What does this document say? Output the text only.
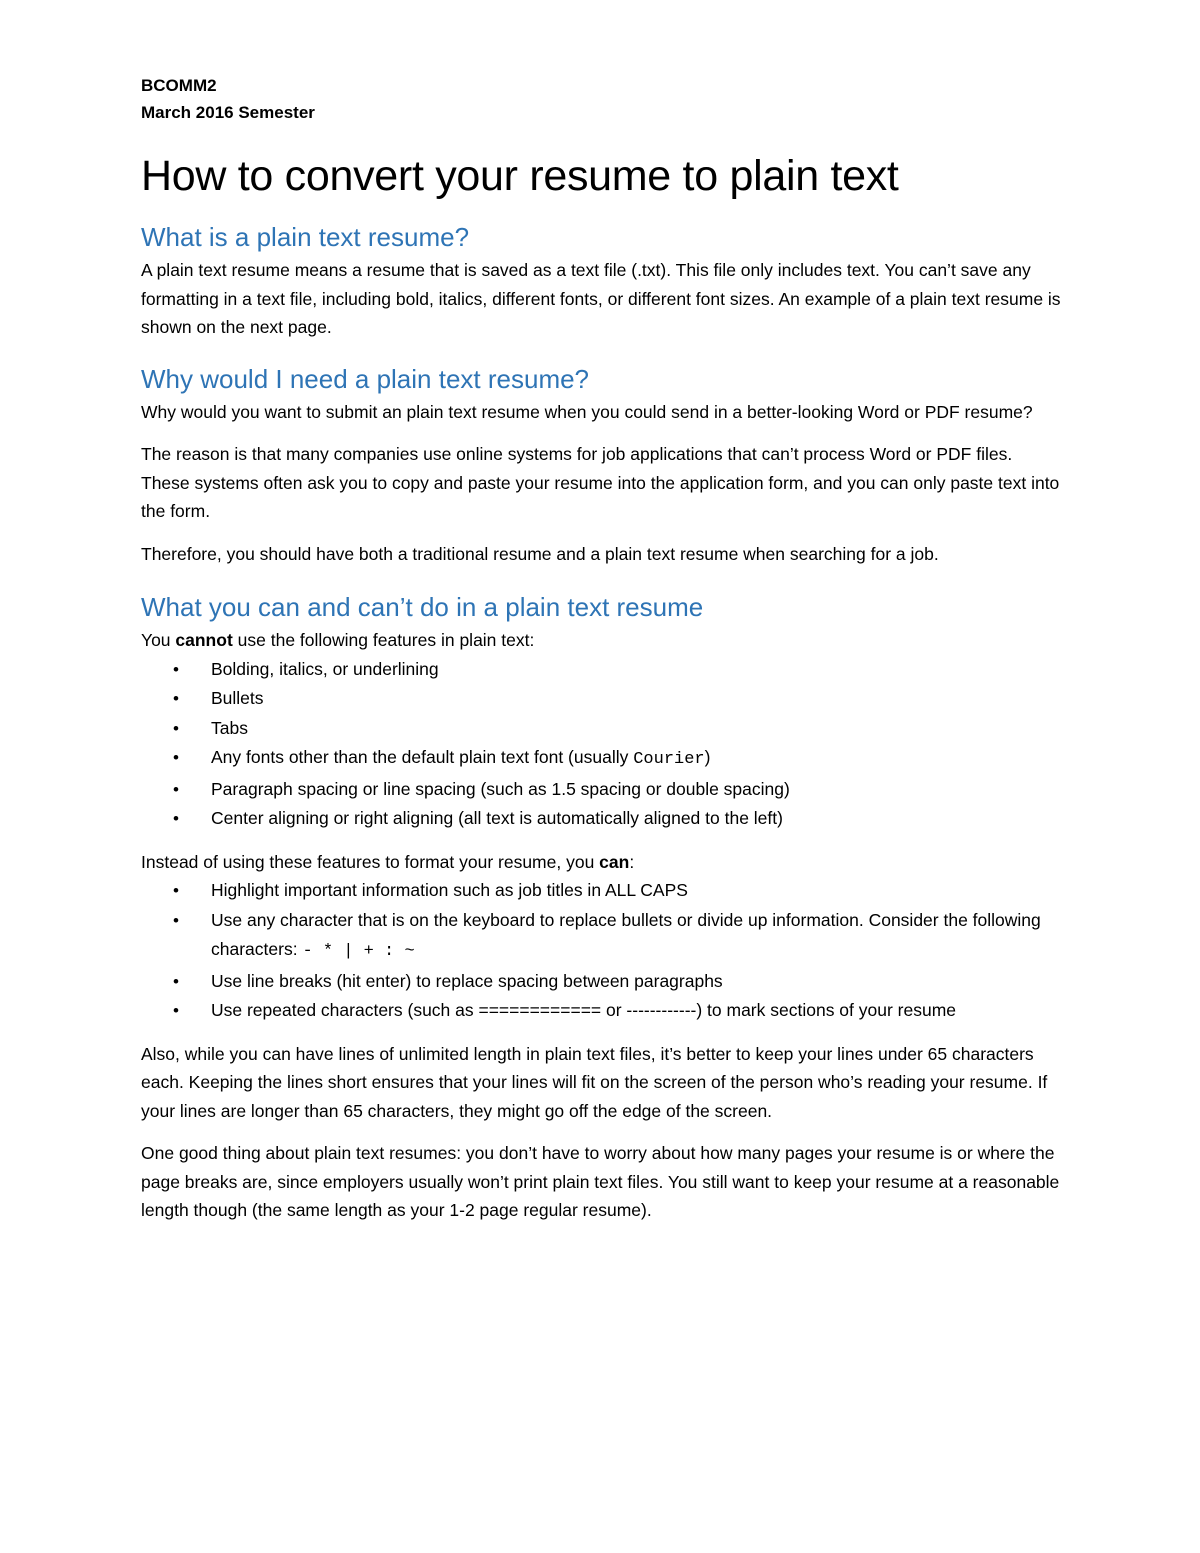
BCOMM2

March 2016 Semester

How to convert your resume to plain text
What is a plain text resume?

A plain text resume means a resume that is saved as a text file (.txt). This file only includes text. You can’t save any formatting in a text file, including bold, italics, different fonts, or different font sizes. An example of a plain text resume is shown on the next page.

Why would I need a plain text resume?

Why would you want to submit an plain text resume when you could send in a better-looking Word or PDF resume?

The reason is that many companies use online systems for job applications that can’t process Word or PDF files. These systems often ask you to copy and paste your resume into the application form, and you can only paste text into the form.

Therefore, you should have both a traditional resume and a plain text resume when searching for a job.

What you can and can’t do in a plain text resume

You cannot use the following features in plain text:

• Bolding, italics, or underlining
• Bullets
• Tabs
• Any fonts other than the default plain text font (usually Courier)
• Paragraph spacing or line spacing (such as 1.5 spacing or double spacing)
• Center aligning or right aligning (all text is automatically aligned to the left)

Instead of using these features to format your resume, you can:

• Highlight important information such as job titles in ALL CAPS
• Use any character that is on the keyboard to replace bullets or divide up information. Consider the following characters: - * | + : ~
• Use line breaks (hit enter) to replace spacing between paragraphs
• Use repeated characters (such as ============ or ------------) to mark sections of your resume

Also, while you can have lines of unlimited length in plain text files, it’s better to keep your lines under 65 characters each. Keeping the lines short ensures that your lines will fit on the screen of the person who’s reading your resume. If your lines are longer than 65 characters, they might go off the edge of the screen.

One good thing about plain text resumes: you don’t have to worry about how many pages your resume is or where the page breaks are, since employers usually won’t print plain text files. You still want to keep your resume at a reasonable length though (the same length as your 1-2 page regular resume).
